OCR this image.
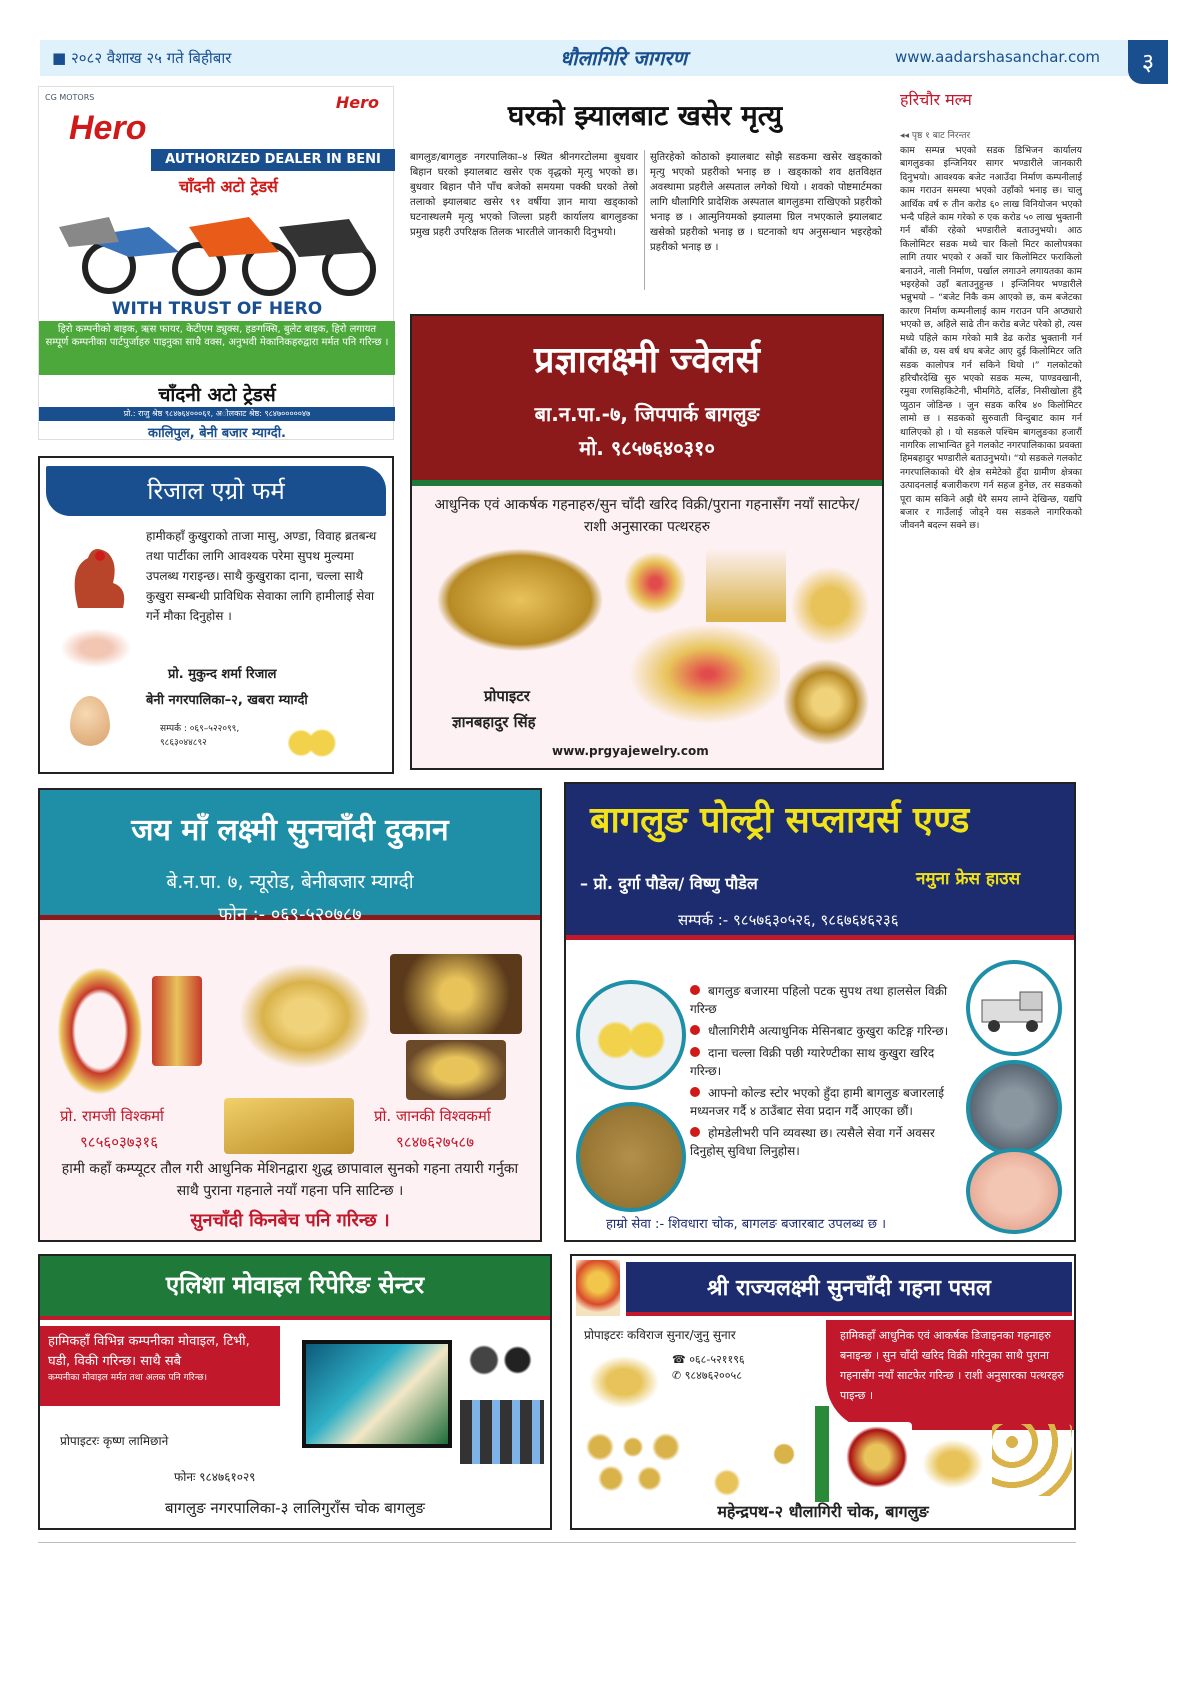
■ २०८२ वैशाख २५ गते बिहीबार	धौलागिरि जागरण	www.aadarshasanchar.com	३
CG MOTORS	Hero
Hero
AUTHORIZED DEALER IN BENI
चाँदनी अटो ट्रेडर्स
WITH TRUST OF HERO
हिरो कम्पनीको बाइक, ऋस फायर, केटीएम ड्युक्स, हङगक्सि, बुलेट बाइक, हिरो लगायत सम्पूर्ण कम्पनीका पार्टपुर्जाहरु पाइनुका साथै वक्स, अनुभवी मेकानिकहरुद्वारा मर्मत पनि गरिन्छ ।
चाँदनी अटो ट्रेडर्स
प्रो.: राजु श्रेष्ठ ९८४७६४०००६१, अोलकाट श्रेष्ठ: ९८४७०००००४७
कालिपुल, बेनी बजार म्याग्दी.
घरको झ्यालबाट खसेर मृत्यु
बागलुङ/बागलुङ नगरपालिका–४ स्थित श्रीनगरटोलमा बुधवार बिहान घरको झ्यालबाट खसेर एक वृद्धको मृत्यु भएको छ। बुधवार बिहान पौने पाँच बजेको समयमा पक्की घरको तेस्रो तलाको झ्यालबाट खसेर ९१ वर्षीया ज्ञान माया खड्काको घटनास्थलमै मृत्यु भएको जिल्ला प्रहरी कार्यालय बागलुङका प्रमुख प्रहरी उपरिक्षक तिलक भारतीले जानकारी दिनुभयो।
सुतिरहेको कोठाको झ्यालबाट सोझै सडकमा खसेर खड्काको मृत्यु भएको प्रहरीको भनाइ छ । खड्काको शव क्षतविक्षत अवस्थामा प्रहरीले अस्पताल लगेको थियो । शवको पोष्टमार्टमका लागि धौलागिरि प्रादेशिक अस्पताल बागलुङमा राखिएको प्रहरीको भनाइ छ । आत्मुनियमको झ्यालमा ग्रिल नभएकाले झ्यालबाट खसेको प्रहरीको भनाइ छ । घटनाको थप अनुसन्धान भइरहेको प्रहरीको भनाइ छ ।
हरिचौर मल्म
◂◂ पृष्ठ १ बाट निरन्तर
काम सम्पन्न भएको सडक डिभिजन कार्यालय बागलुङका इन्जिनियर सागर भण्डारीले जानकारी दिनुभयो। आवश्यक बजेट नआउँदा निर्माण कम्पनीलाई काम गराउन समस्या भएको उहाँको भनाइ छ। चालु आर्थिक वर्ष रु तीन करोड ६० लाख विनियोजन भएको भन्दै पहिले काम गरेको रु एक करोड ५० लाख भुक्तानी गर्न बाँकी रहेको भण्डारीले बताउनुभयो। आठ किलोमिटर सडक मध्ये चार किलो मिटर कालोपत्रका लागि तयार भएको र अर्को चार किलोमिटर फराकिलो बनाउने, नाली निर्माण, पर्खाल लगाउने लगायतका काम भइरहेको उहाँ बताउनुहुन्छ । इन्जिनियर भण्डारीले भन्नुभयो – “बजेट निकै कम आएको छ, कम बजेटका कारण निर्माण कम्पनीलाई काम गराउन पनि अप्ठ्यारो भएको छ, अहिले साढे तीन करोड बजेट परेको हो, त्यस मध्ये पहिले काम गरेको मात्रै डेढ करोड भुक्तानी गर्न बाँकी छ, यस वर्ष थप बजेट आए दुई किलोमिटर जति सडक कालोपत्र गर्न सकिने थियो ।” गलकोटको हरिचौरदेखि सुरु भएको सडक मल्म, पाण्डवखानी, रमुवा रणसिहकिटेनी, भीमगिठे, दर्लिङ, निसीखोला हुँदै प्युठान जोडिन्छ । जुन सडक करिब ४० किलोमिटर लामो छ । सडकको सुरुवाती विन्दुबाट काम गर्न थालिएको हो । यो सडकले पश्चिम बागलुङका हजारौं नागरिक लाभान्वित हुने गलकोट नगरपालिकाका प्रवक्ता हिमबहादुर भण्डारीले बताउनुभयो। “यो सडकले गलकोट नगरपालिकाको धेरै क्षेत्र समेटेको हुँदा ग्रामीण क्षेत्रका उत्पादनलाई बजारीकरण गर्न सहज हुनेछ, तर सडकको पूरा काम सकिने अझै धेरै समय लाग्ने देखिन्छ, यद्यपि बजार र गाउँलाई जोड्नेे यस सडकले नागरिकको जीवननै बदल्न सक्ने छ।
प्रज्ञालक्ष्मी ज्वेलर्स
बा.न.पा.-७, जिपपार्क बागलुङ
मो. ९८५७६४०३१०
आधुनिक एवं आकर्षक गहनाहरु/सुन चाँदी खरिद विक्री/पुराना गहनासँग नयाँ साटफेर/ राशी अनुसारका पत्थरहरु
प्रोपाइटर
ज्ञानबहादुर सिंह
www.prgyajewelry.com
रिजाल एग्रो फर्म
हामीकहाँ कुखुराको ताजा मासु, अण्डा, विवाह ब्रतबन्ध तथा पार्टीका लागि आवश्यक परेमा सुपथ मुल्यमा उपलब्ध गराइन्छ। साथै कुखुराका दाना, चल्ला साथै कुखुरा सम्बन्धी प्राविधिक सेवाका लागि हामीलाई सेवा गर्ने मौका दिनुहोस ।
प्रो. मुकुन्द शर्मा रिजाल
बेनी नगरपालिका–२, खबरा म्याग्दी
सम्पर्क : ०६९–५२२०९९, ९८६३०४४८९२
जय माँ लक्ष्मी सुनचाँदी दुकान
बे.न.पा. ७, न्यूरोड, बेनीबजार म्याग्दी
फोन :- ०६९-५२०७८७
प्रो. रामजी विश्कर्मा
९८५६०३७३१६
प्रो. जानकी विश्वकर्मा
९८४७६२७५८७
हामी कहाँ कम्प्यूटर तौल गरी आधुनिक मेशिनद्वारा शुद्ध छापावाल सुनको गहना तयारी गर्नुका साथै पुराना गहनाले नयाँ गहना पनि साटिन्छ ।
सुनचाँदी किनबेच पनि गरिन्छ ।
बागलुङ पोल्ट्री सप्लायर्स एण्ड
– प्रो. दुर्गा पौडेल/ विष्णु पौडेल	नमुना फ्रेस हाउस
सम्पर्क :- ९८५७६३०५२६, ९८६७६४६२३६

बागलुङ बजारमा पहिलो पटक सुपथ तथा हालसेल विक्री गरिन्छ

धौलागिरीमै अत्याधुनिक मेसिनबाट कुखुरा कटिङ्ग गरिन्छ।

दाना चल्ला विक्री पछी ग्यारेण्टीका साथ कुखुरा खरिद गरिन्छ।

आफ्नो कोल्ड स्टोर भएको हुँदा हामी बागलुङ बजारलाई मध्यनजर गर्दै ४ ठाउँबाट सेवा प्रदान गर्दै आएका छौं।

होमडेलीभरी पनि व्यवस्था छ। त्यसैले सेवा गर्ने अवसर दिनुहोस् सुविधा लिनुहोस।

हाम्रो सेवा :- शिवधारा चोक, बागलङ बजारबाट उपलब्ध छ ।
एलिशा मोवाइल रिपेरिङ सेन्टर
हामिकहाँ विभिन्न कम्पनीका मोवाइल, टिभी, घडी, विकी गरिन्छ। साथै सबै
कम्पनीका मोवाइल मर्मत तथा अलक पनि गरिन्छ।
प्रोपाइटरः कृष्ण लामिछाने
फोनः ९८४७६१०२९
बागलुङ नगरपालिका-३ लालिगुराँस चोक बागलुङ
श्री राज्यलक्ष्मी सुनचाँदी गहना पसल
प्रोपाइटरः कविराज सुनार/जुनु सुनार
☎ ०६८-५२११९६
✆ ९८४७६२००५८
हामिकहाँ आधुनिक एवं आकर्षक डिजाइनका गहनाहरु बनाइन्छ । सुन चाँदी खरिद विक्री गरिनुका साथै पुराना गहनासँग नयाँ साटफेर गरिन्छ । राशी अनुसारका पत्थरहरु पाइन्छ ।
महेन्द्रपथ-२ धौलागिरी चोक, बागलुङ
